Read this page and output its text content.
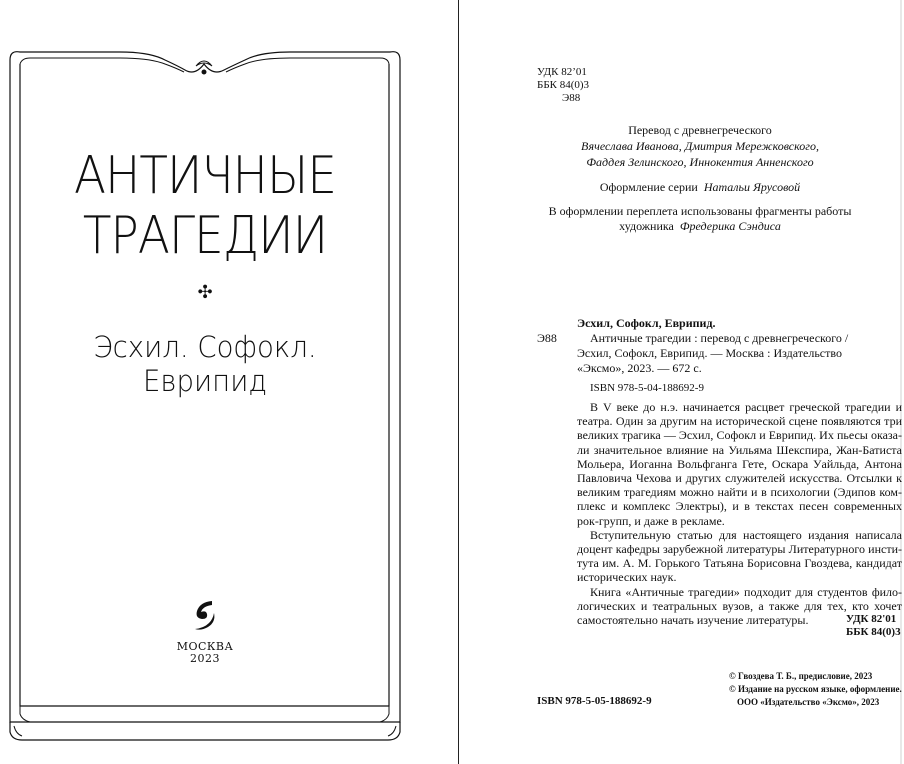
АНТИЧНЫЕ
ТРАГЕДИИ
✣
Эсхил. Софокл. Еврипид
МОСКВА
2023
УДК 82’01
ББК 84(0)3
Э88
Перевод с древнегреческого
Вячеслава Иванова, Дмитрия Мережковского,
Фаддея Зелинского, Иннокентия Анненского
Оформление серии Натальи Ярусовой
В оформлении переплета использованы фрагменты работы
художника Фредерика Сэндиса
Эсхил, Софокл, Еврипид.
Э88	Античные трагедии : перевод с древнегреческого /
Эсхил, Софокл, Еврипид. — Москва : Издательство
«Эксмо», 2023. — 672 с.
ISBN 978-5-04-188692-9
В V веке до н.э. начинается расцвет греческой трагедии и
театра. Один за другим на исторической сцене появляются три
великих трагика — Эсхил, Софокл и Еврипид. Их пьесы оказа-
ли значительное влияние на Уильяма Шекспира, Жан-Батиста
Мольера, Иоганна Вольфганга Гете, Оскара Уайльда, Антона
Павловича Чехова и других служителей искусства. Отсылки к
великим трагедиям можно найти и в психологии (Эдипов ком-
плекс и комплекс Электры), и в текстах песен современных
рок-групп, и даже в рекламе.
Вступительную статью для настоящего издания написала
доцент кафедры зарубежной литературы Литературного инсти-
тута им. А. М. Горького Татьяна Борисовна Гвоздева, кандидат
исторических наук.
Книга «Античные трагедии» подходит для студентов фило-
логических и театральных вузов, а также для тех, кто хочет
самостоятельно начать изучение литературы.	УДК 82'01
ББК 84(0)3
© Гвоздева Т. Б., предисловие, 2023
© Издание на русском языке, оформление.
ООО «Издательство «Эксмо», 2023
ISBN 978-5-05-188692-9
